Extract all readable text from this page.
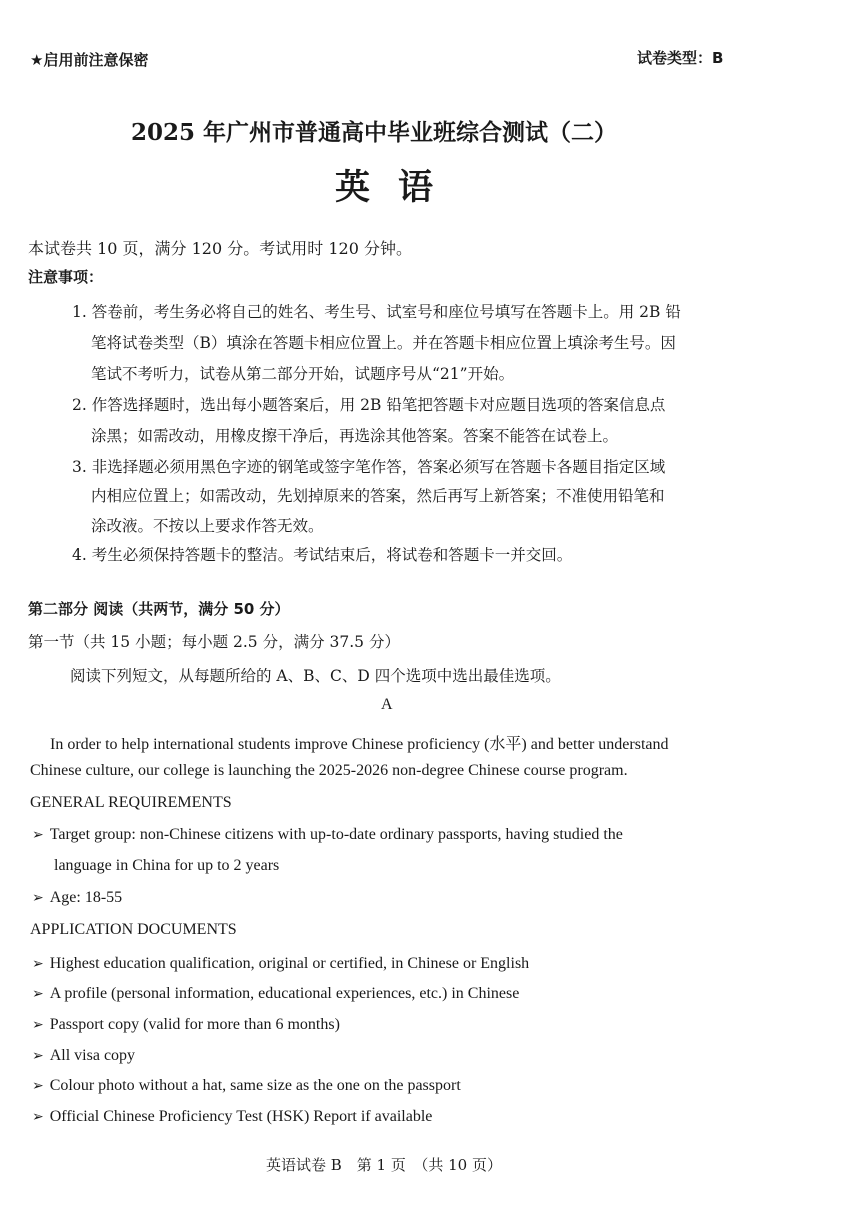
★启用前注意保密	试卷类型：B
2025 年广州市普通高中毕业班综合测试（二）
英 语
本试卷共 10 页，满分 120 分。考试用时 120 分钟。
注意事项：
1. 答卷前，考生务必将自己的姓名、考生号、试室号和座位号填写在答题卡上。用 2B 铅
笔将试卷类型（B）填涂在答题卡相应位置上。并在答题卡相应位置上填涂考生号。因
笔试不考听力，试卷从第二部分开始，试题序号从“21”开始。
2. 作答选择题时，选出每小题答案后，用 2B 铅笔把答题卡对应题目选项的答案信息点
涂黑；如需改动，用橡皮擦干净后，再选涂其他答案。答案不能答在试卷上。
3. 非选择题必须用黑色字迹的钢笔或签字笔作答，答案必须写在答题卡各题目指定区域
内相应位置上；如需改动，先划掉原来的答案，然后再写上新答案；不准使用铅笔和
涂改液。不按以上要求作答无效。
4. 考生必须保持答题卡的整洁。考试结束后，将试卷和答题卡一并交回。
第二部分 阅读（共两节，满分 50 分）
第一节（共 15 小题；每小题 2.5 分，满分 37.5 分）
阅读下列短文，从每题所给的 A、B、C、D 四个选项中选出最佳选项。
A
In order to help international students improve Chinese proficiency (水平) and better understand
Chinese culture, our college is launching the 2025-2026 non-degree Chinese course program.
GENERAL REQUIREMENTS
➢ Target group: non-Chinese citizens with up-to-date ordinary passports, having studied the
language in China for up to 2 years
➢ Age: 18-55
APPLICATION DOCUMENTS
➢ Highest education qualification, original or certified, in Chinese or English
➢ A profile (personal information, educational experiences, etc.) in Chinese
➢ Passport copy (valid for more than 6 months)
➢ All visa copy
➢ Colour photo without a hat, same size as the one on the passport
➢ Official Chinese Proficiency Test (HSK) Report if available
英语试卷 B　第 1 页　（共 10 页）
